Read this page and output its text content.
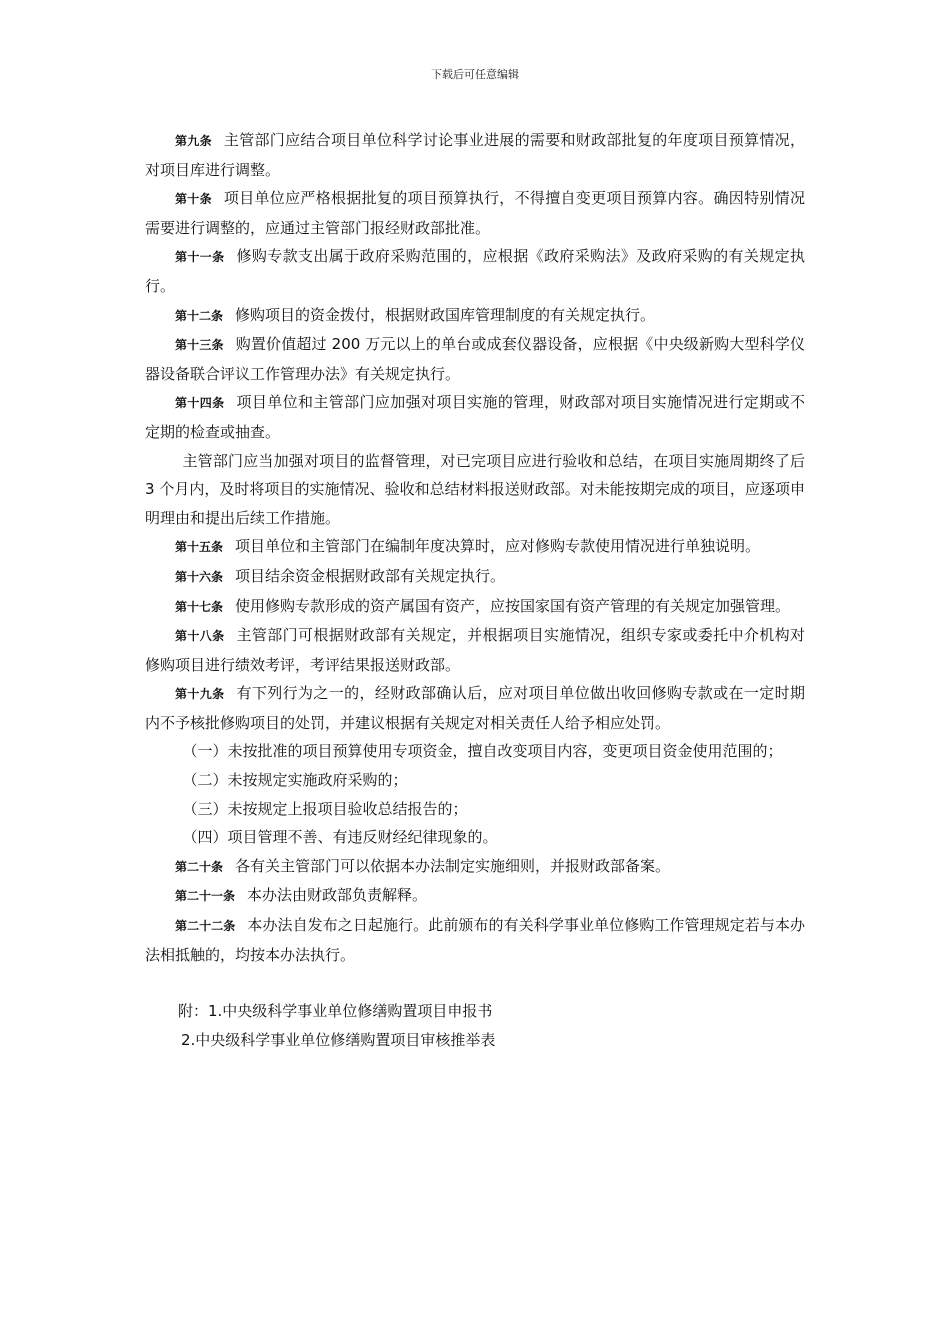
下载后可任意编辑

第九条 主管部门应结合项目单位科学讨论事业进展的需要和财政部批复的年度项目预算情况，对项目库进行调整。

第十条 项目单位应严格根据批复的项目预算执行，不得擅自变更项目预算内容。确因特别情况需要进行调整的，应通过主管部门报经财政部批准。

第十一条 修购专款支出属于政府采购范围的，应根据《政府采购法》及政府采购的有关规定执行。

第十二条 修购项目的资金拨付，根据财政国库管理制度的有关规定执行。

第十三条 购置价值超过 200 万元以上的单台或成套仪器设备，应根据《中央级新购大型科学仪器设备联合评议工作管理办法》有关规定执行。

第十四条 项目单位和主管部门应加强对项目实施的管理，财政部对项目实施情况进行定期或不定期的检查或抽查。

主管部门应当加强对项目的监督管理，对已完项目应进行验收和总结，在项目实施周期终了后 3 个月内，及时将项目的实施情况、验收和总结材料报送财政部。对未能按期完成的项目，应逐项申明理由和提出后续工作措施。

第十五条 项目单位和主管部门在编制年度决算时，应对修购专款使用情况进行单独说明。

第十六条 项目结余资金根据财政部有关规定执行。

第十七条 使用修购专款形成的资产属国有资产，应按国家国有资产管理的有关规定加强管理。

第十八条 主管部门可根据财政部有关规定，并根据项目实施情况，组织专家或委托中介机构对修购项目进行绩效考评，考评结果报送财政部。

第十九条 有下列行为之一的，经财政部确认后，应对项目单位做出收回修购专款或在一定时期内不予核批修购项目的处罚，并建议根据有关规定对相关责任人给予相应处罚。

（一）未按批准的项目预算使用专项资金，擅自改变项目内容，变更项目资金使用范围的；

（二）未按规定实施政府采购的；

（三）未按规定上报项目验收总结报告的；

（四）项目管理不善、有违反财经纪律现象的。

第二十条 各有关主管部门可以依据本办法制定实施细则，并报财政部备案。

第二十一条 本办法由财政部负责解释。

第二十二条 本办法自发布之日起施行。此前颁布的有关科学事业单位修购工作管理规定若与本办法相抵触的，均按本办法执行。

附：1.中央级科学事业单位修缮购置项目申报书

2.中央级科学事业单位修缮购置项目审核推举表
